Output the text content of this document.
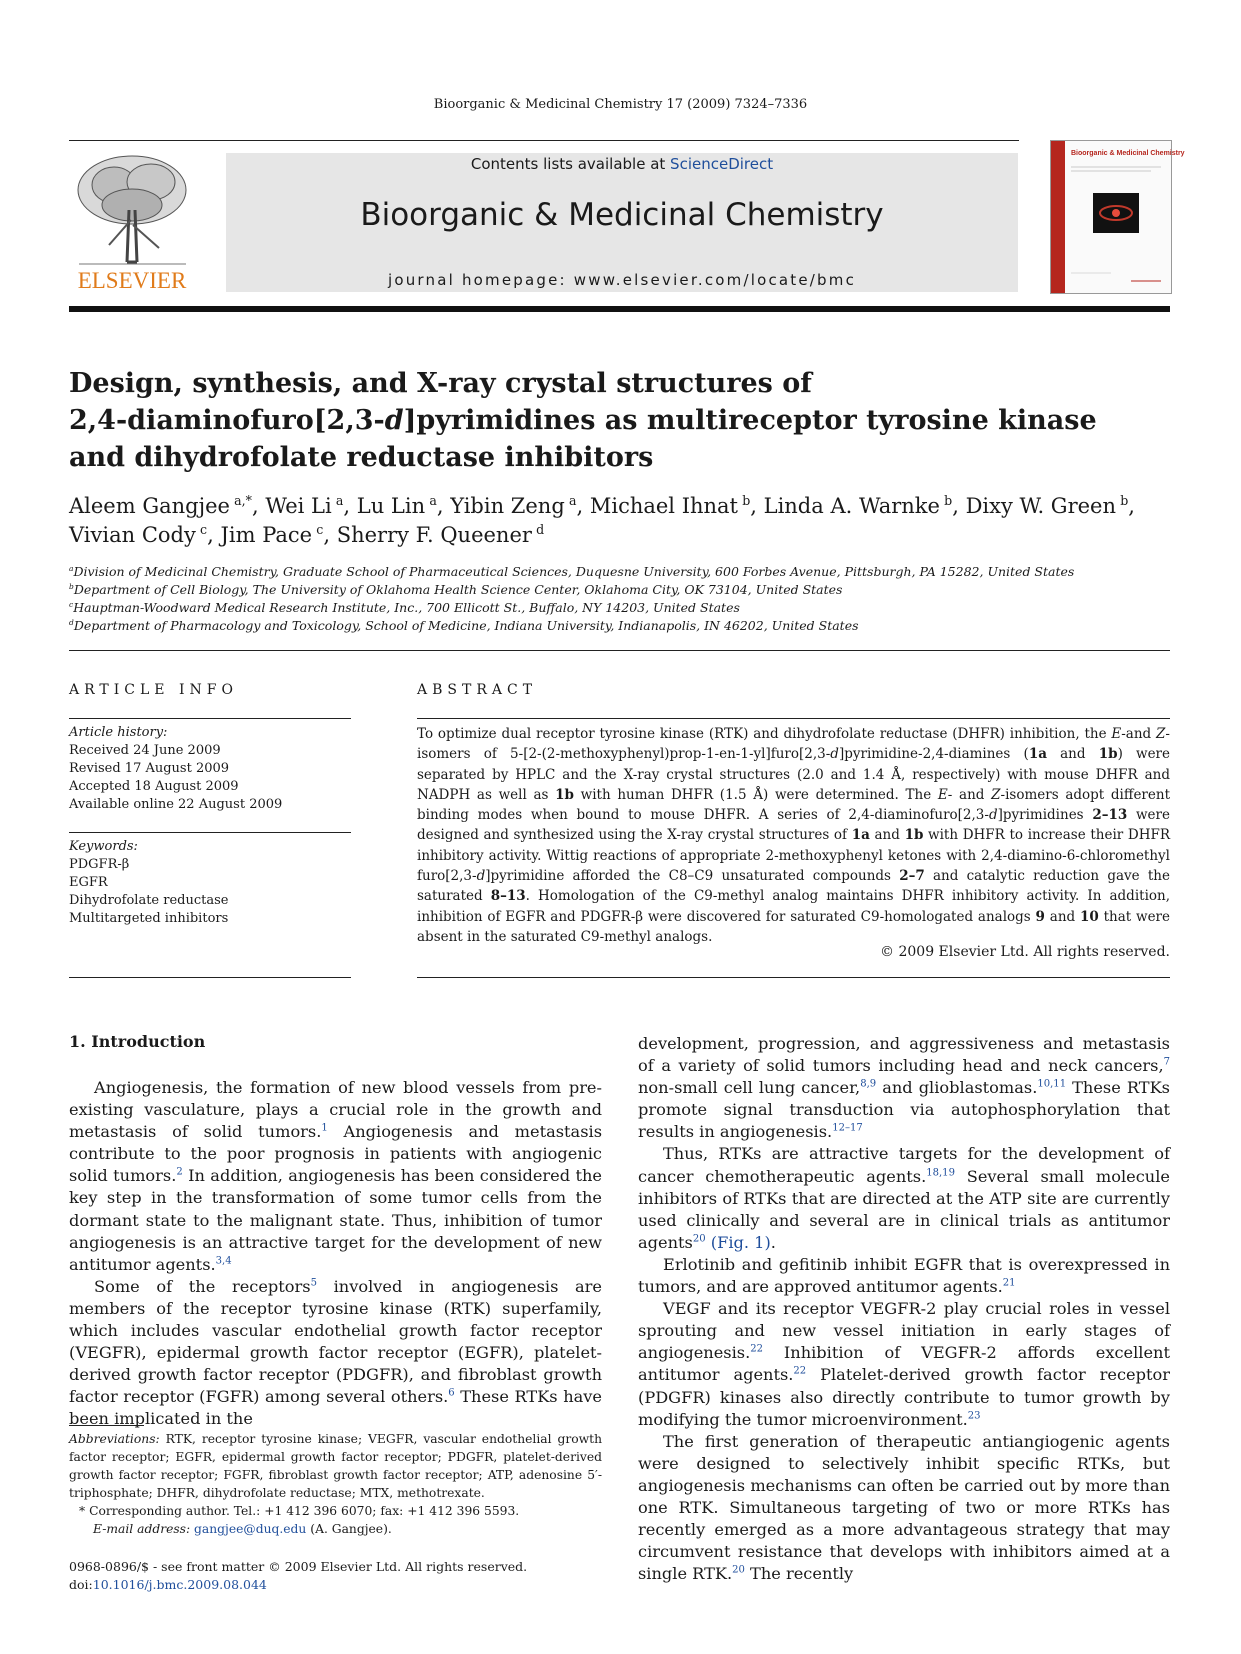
Bioorganic & Medicinal Chemistry 17 (2009) 7324–7336
ELSEVIER
Contents lists available at ScienceDirect
Bioorganic & Medicinal Chemistry
journal homepage: www.elsevier.com/locate/bmc
Bioorganic & Medicinal Chemistry
Design, synthesis, and X-ray crystal structures of
2,4-diaminofuro[2,3-d]pyrimidines as multireceptor tyrosine kinase
and dihydrofolate reductase inhibitors
Aleem Gangjee  $^{a,*}$, Wei Li  $^a$, Lu Lin  $^a$, Yibin Zeng  $^a$, Michael Ihnat  $^b$, Linda A. Warnke  $^b$, Dixy W. Green  $^b$,
Vivian Cody  $^c$, Jim Pace  $^c$, Sherry F. Queener  $^d$
$^a$Division of Medicinal Chemistry, Graduate School of Pharmaceutical Sciences, Duquesne University, 600 Forbes Avenue, Pittsburgh, PA 15282, United States
$^b$Department of Cell Biology, The University of Oklahoma Health Science Center, Oklahoma City, OK 73104, United States
$^c$Hauptman-Woodward Medical Research Institute, Inc., 700 Ellicott St., Buffalo, NY 14203, United States
$^d$Department of Pharmacology and Toxicology, School of Medicine, Indiana University, Indianapolis, IN 46202, United States
ARTICLE INFO	ABSTRACT
Article history:
Received 24 June 2009
Revised 17 August 2009
Accepted 18 August 2009
Available online 22 August 2009
Keywords:
PDGFR-β
EGFR
Dihydrofolate reductase
Multitargeted inhibitors
To optimize dual receptor tyrosine kinase (RTK) and dihydrofolate reductase (DHFR) inhibition, the E-and Z-isomers of 5-[2-(2-methoxyphenyl)prop-1-en-1-yl]furo[2,3-d]pyrimidine-2,4-diamines (1a and 1b) were separated by HPLC and the X-ray crystal structures (2.0 and 1.4 Å, respectively) with mouse DHFR and NADPH as well as 1b with human DHFR (1.5 Å) were determined. The E- and Z-isomers adopt different binding modes when bound to mouse DHFR. A series of 2,4-diaminofuro[2,3-d]pyrimidines 2–13 were designed and synthesized using the X-ray crystal structures of 1a and 1b with DHFR to increase their DHFR inhibitory activity. Wittig reactions of appropriate 2-methoxyphenyl ketones with 2,4-diamino-6-chloromethyl furo[2,3-d]pyrimidine afforded the C8–C9 unsaturated compounds 2–7 and catalytic reduction gave the saturated 8–13. Homologation of the C9-methyl analog maintains DHFR inhibitory activity. In addition, inhibition of EGFR and PDGFR-β were discovered for saturated C9-homologated analogs 9 and 10 that were absent in the saturated C9-methyl analogs.
© 2009 Elsevier Ltd. All rights reserved.
1. Introduction

Angiogenesis, the formation of new blood vessels from pre-existing vasculature, plays a crucial role in the growth and metastasis of solid tumors.$^1$ Angiogenesis and metastasis contribute to the poor prognosis in patients with angiogenic solid tumors.$^2$ In addition, angiogenesis has been considered the key step in the transformation of some tumor cells from the dormant state to the malignant state. Thus, inhibition of tumor angiogenesis is an attractive target for the development of new antitumor agents.$^{3,4}$

Some of the receptors$^5$ involved in angiogenesis are members of the receptor tyrosine kinase (RTK) superfamily, which includes vascular endothelial growth factor receptor (VEGFR), epidermal growth factor receptor (EGFR), platelet-derived growth factor receptor (PDGFR), and fibroblast growth factor receptor (FGFR) among several others.$^6$ These RTKs have been implicated in the

development, progression, and aggressiveness and metastasis of a variety of solid tumors including head and neck cancers,$^7$ non-small cell lung cancer,$^{8,9}$ and glioblastomas.$^{10,11}$ These RTKs promote signal transduction via autophosphorylation that results in angiogenesis.$^{12-17}$

Thus, RTKs are attractive targets for the development of cancer chemotherapeutic agents.$^{18,19}$ Several small molecule inhibitors of RTKs that are directed at the ATP site are currently used clinically and several are in clinical trials as antitumor agents$^{20}$ (Fig. 1).

Erlotinib and gefitinib inhibit EGFR that is overexpressed in tumors, and are approved antitumor agents.$^{21}$

VEGF and its receptor VEGFR-2 play crucial roles in vessel sprouting and new vessel initiation in early stages of angiogenesis.$^{22}$ Inhibition of VEGFR-2 affords excellent antitumor agents.$^{22}$ Platelet-derived growth factor receptor (PDGFR) kinases also directly contribute to tumor growth by modifying the tumor microenvironment.$^{23}$

The first generation of therapeutic antiangiogenic agents were designed to selectively inhibit specific RTKs, but angiogenesis mechanisms can often be carried out by more than one RTK. Simultaneous targeting of two or more RTKs has recently emerged as a more advantageous strategy that may circumvent resistance that develops with inhibitors aimed at a single RTK.$^{20}$ The recently

Abbreviations: RTK, receptor tyrosine kinase; VEGFR, vascular endothelial growth factor receptor; EGFR, epidermal growth factor receptor; PDGFR, platelet-derived growth factor receptor; FGFR, fibroblast growth factor receptor; ATP, adenosine 5′-triphosphate; DHFR, dihydrofolate reductase; MTX, methotrexate.

* Corresponding author. Tel.: +1 412 396 6070; fax: +1 412 396 5593.

E-mail address: gangjee@duq.edu (A. Gangjee).

0968-0896/$ - see front matter © 2009 Elsevier Ltd. All rights reserved.
doi:10.1016/j.bmc.2009.08.044
